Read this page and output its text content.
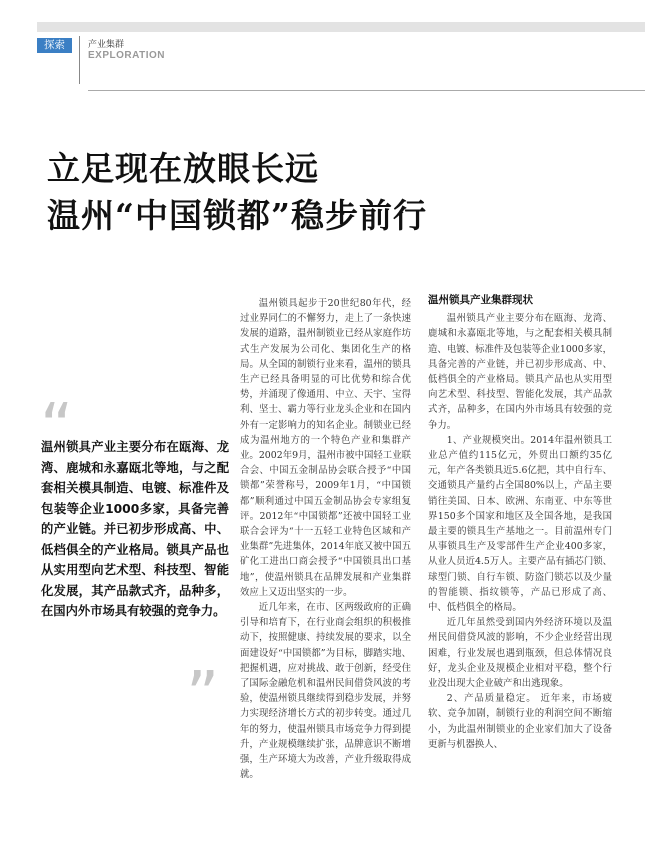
探索	产业集群
EXPLORATION
立足现在放眼长远
温州“中国锁都”稳步前行
“
温州锁具产业主要分布在瓯海、龙湾、鹿城和永嘉瓯北等地，与之配套相关模具制造、电镀、标准件及包装等企业1000多家，具备完善的产业链。并已初步形成高、中、低档俱全的产业格局。锁具产品也从实用型向艺术型、科技型、智能化发展，其产品款式齐，品种多，在国内外市场具有较强的竞争力。
”

温州锁具起步于20世纪80年代，经过业界同仁的不懈努力，走上了一条快速发展的道路，温州制锁业已经从家庭作坊式生产发展为公司化、集团化生产的格局。从全国的制锁行业来看，温州的锁具生产已经具备明显的可比优势和综合优势，并涌现了像通用、中立、天宇、宝得利、坚士、霸力等行业龙头企业和在国内外有一定影响力的知名企业。制锁业已经成为温州地方的一个特色产业和集群产业。2002年9月，温州市被中国轻工业联合会、中国五金制品协会联合授予“中国锁都”荣誉称号，2009年1月，“中国锁都”顺利通过中国五金制品协会专家组复评。2012年“中国锁都”还被中国轻工业联合会评为“十一五轻工业特色区域和产业集群”先进集体，2014年底又被中国五矿化工进出口商会授予“中国锁具出口基地”，使温州锁具在品牌发展和产业集群效应上又迈出坚实的一步。

近几年来，在市、区两级政府的正确引导和培育下，在行业商会组织的积极推动下，按照健康、持续发展的要求，以全面建设好“中国锁都”为目标，脚踏实地、把握机遇，应对挑战、敢于创新，经受住了国际金融危机和温州民间借贷风波的考验，使温州锁具继续得到稳步发展，并努力实现经济增长方式的初步转变。通过几年的努力，使温州锁具市场竞争力得到提升，产业规模继续扩张，品牌意识不断增强，生产环境大为改善，产业升级取得成就。

温州锁具产业集群现状

温州锁具产业主要分布在瓯海、龙湾、鹿城和永嘉瓯北等地，与之配套相关模具制造、电镀、标准件及包装等企业1000多家，具备完善的产业链，并已初步形成高、中、低档俱全的产业格局。锁具产品也从实用型向艺术型、科技型、智能化发展，其产品款式齐，品种多，在国内外市场具有较强的竞争力。

1、产业规模突出。2014年温州锁具工业总产值约115亿元，外贸出口额约35亿元，年产各类锁具近5.6亿把，其中自行车、交通锁具产量约占全国80%以上，产品主要销往美国、日本、欧洲、东南亚、中东等世界150多个国家和地区及全国各地，是我国最主要的锁具生产基地之一。目前温州专门从事锁具生产及零部件生产企业400多家，从业人员近4.5万人。主要产品有插芯门锁、球型门锁、自行车锁、防盗门锁芯以及少量的智能锁、指纹锁等，产品已形成了高、中、低档俱全的格局。

近几年虽然受到国内外经济环境以及温州民间借贷风波的影响，不少企业经营出现困难，行业发展也遇到瓶颈，但总体情况良好，龙头企业及规模企业相对平稳，整个行业没出现大企业破产和出逃现象。

2、产品质量稳定。 近年来，市场疲软、竞争加剧，制锁行业的利润空间不断缩小，为此温州制锁业的企业家们加大了设备更新与机器换人、
